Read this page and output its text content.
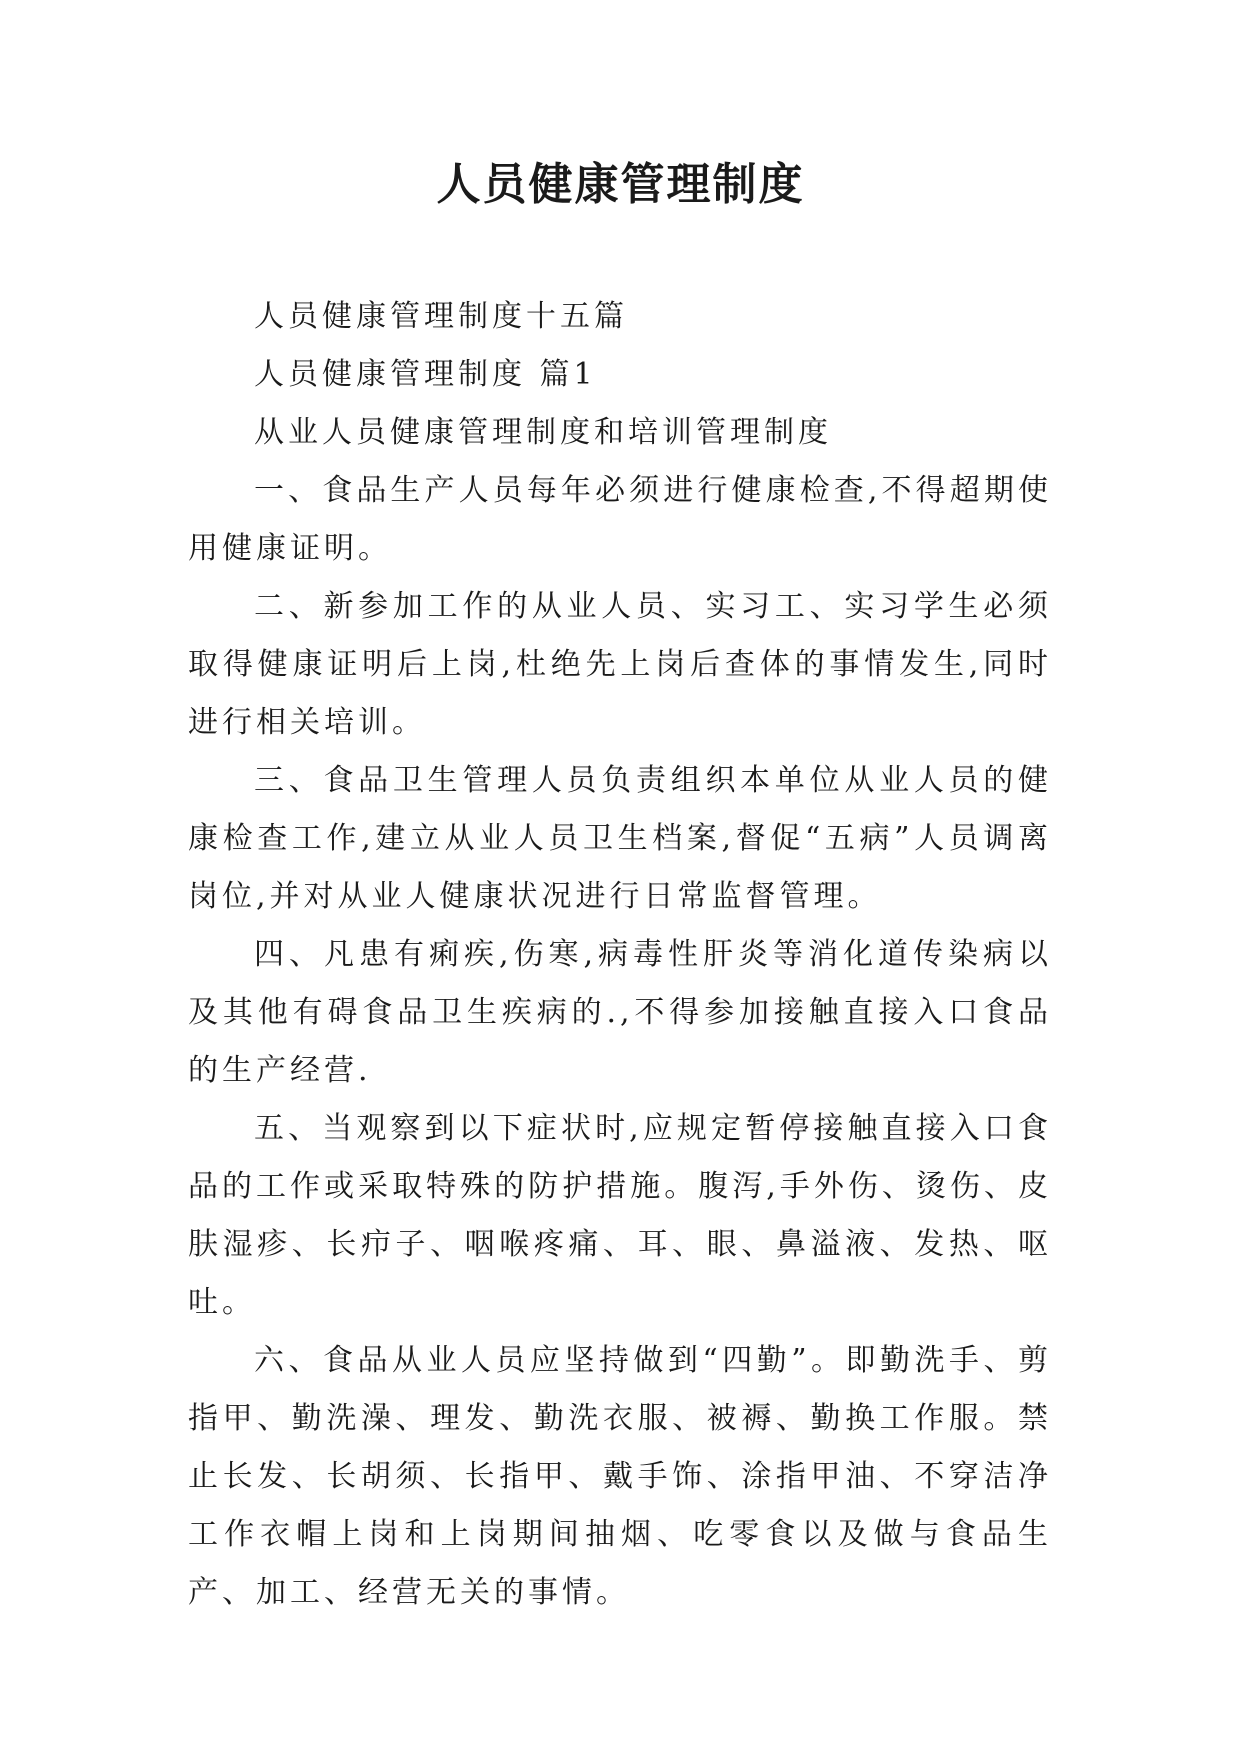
人员健康管理制度

人员健康管理制度十五篇

人员健康管理制度 篇1

从业人员健康管理制度和培训管理制度

一、食品生产人员每年必须进行健康检查,不得超期使用健康证明。

二、新参加工作的从业人员、实习工、实习学生必须取得健康证明后上岗,杜绝先上岗后查体的事情发生,同时进行相关培训。

三、食品卫生管理人员负责组织本单位从业人员的健康检查工作,建立从业人员卫生档案,督促“五病”人员调离岗位,并对从业人健康状况进行日常监督管理。

四、凡患有痢疾,伤寒,病毒性肝炎等消化道传染病以及其他有碍食品卫生疾病的.,不得参加接触直接入口食品的生产经营.

五、当观察到以下症状时,应规定暂停接触直接入口食品的工作或采取特殊的防护措施。腹泻,手外伤、烫伤、皮肤湿疹、长疖子、咽喉疼痛、耳、眼、鼻溢液、发热、呕吐。

六、食品从业人员应坚持做到“四勤”。即勤洗手、剪指甲、勤洗澡、理发、勤洗衣服、被褥、勤换工作服。禁止长发、长胡须、长指甲、戴手饰、涂指甲油、不穿洁净工作衣帽上岗和上岗期间抽烟、吃零食以及做与食品生产、加工、经营无关的事情。
